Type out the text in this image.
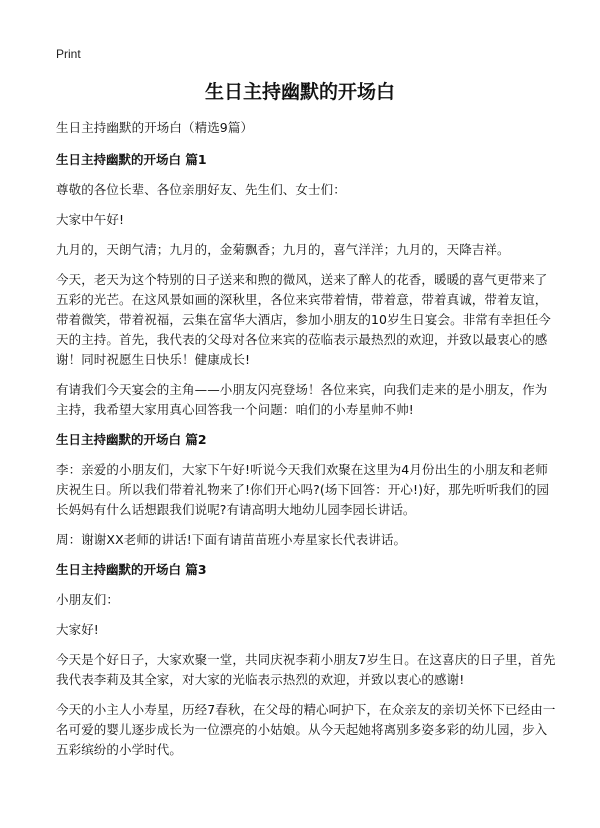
Print
生日主持幽默的开场白

生日主持幽默的开场白（精选9篇）

生日主持幽默的开场白 篇1

尊敬的各位长辈、各位亲朋好友、先生们、女士们：

大家中午好!

九月的，天朗气清；九月的，金菊飘香；九月的，喜气洋洋；九月的，天降吉祥。

今天，老天为这个特别的日子送来和煦的微风，送来了醉人的花香，暖暖的喜气更带来了五彩的光芒。在这风景如画的深秋里，各位来宾带着情，带着意，带着真诚，带着友谊，带着微笑，带着祝福，云集在富华大酒店，参加小朋友的10岁生日宴会。非常有幸担任今天的主持。首先，我代表的父母对各位来宾的莅临表示最热烈的欢迎，并致以最衷心的感谢！同时祝愿生日快乐！健康成长!

有请我们今天宴会的主角——小朋友闪亮登场！各位来宾，向我们走来的是小朋友，作为主持，我希望大家用真心回答我一个问题：咱们的小寿星帅不帅!

生日主持幽默的开场白 篇2

李：亲爱的小朋友们，大家下午好!听说今天我们欢聚在这里为4月份出生的小朋友和老师庆祝生日。所以我们带着礼物来了!你们开心吗?(场下回答：开心!)好，那先听听我们的园长妈妈有什么话想跟我们说呢?有请高明大地幼儿园李园长讲话。

周：谢谢XX老师的讲话!下面有请苗苗班小寿星家长代表讲话。

生日主持幽默的开场白 篇3

小朋友们：

大家好!

今天是个好日子，大家欢聚一堂，共同庆祝李莉小朋友7岁生日。在这喜庆的日子里，首先我代表李莉及其全家，对大家的光临表示热烈的欢迎，并致以衷心的感谢!

今天的小主人小寿星，历经7春秋，在父母的精心呵护下，在众亲友的亲切关怀下已经由一名可爱的婴儿逐步成长为一位漂亮的小姑娘。从今天起她将离别多姿多彩的幼儿园，步入五彩缤纷的小学时代。
